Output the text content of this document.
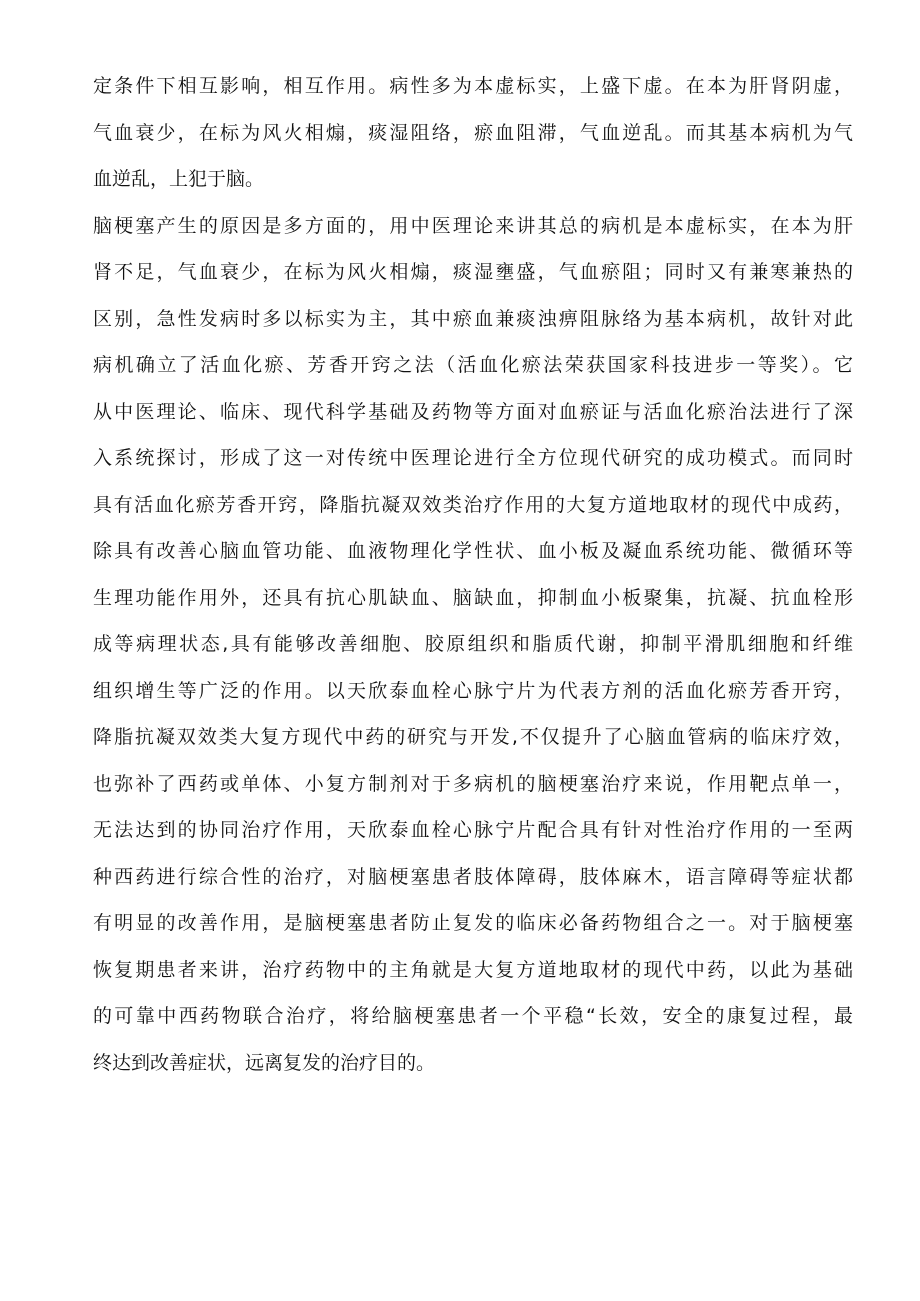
定条件下相互影响，相互作用。病性多为本虚标实，上盛下虚。在本为肝肾阴虚，
气血衰少，在标为风火相煽，痰湿阻络，瘀血阻滞，气血逆乱。而其基本病机为气
血逆乱，上犯于脑。
脑梗塞产生的原因是多方面的，用中医理论来讲其总的病机是本虚标实，在本为肝
肾不足，气血衰少，在标为风火相煽，痰湿壅盛，气血瘀阻；同时又有兼寒兼热的
区别，急性发病时多以标实为主，其中瘀血兼痰浊痹阻脉络为基本病机，故针对此
病机确立了活血化瘀、芳香开窍之法（活血化瘀法荣获国家科技进步一等奖）。它
从中医理论、临床、现代科学基础及药物等方面对血瘀证与活血化瘀治法进行了深
入系统探讨，形成了这一对传统中医理论进行全方位现代研究的成功模式。而同时
具有活血化瘀芳香开窍，降脂抗凝双效类治疗作用的大复方道地取材的现代中成药，
除具有改善心脑血管功能、血液物理化学性状、血小板及凝血系统功能、微循环等
生理功能作用外，还具有抗心肌缺血、脑缺血，抑制血小板聚集，抗凝、抗血栓形
成等病理状态,具有能够改善细胞、胶原组织和脂质代谢，抑制平滑肌细胞和纤维
组织增生等广泛的作用。以天欣泰血栓心脉宁片为代表方剂的活血化瘀芳香开窍，
降脂抗凝双效类大复方现代中药的研究与开发,不仅提升了心脑血管病的临床疗效，
也弥补了西药或单体、小复方制剂对于多病机的脑梗塞治疗来说，作用靶点单一，
无法达到的协同治疗作用，天欣泰血栓心脉宁片配合具有针对性治疗作用的一至两
种西药进行综合性的治疗，对脑梗塞患者肢体障碍，肢体麻木，语言障碍等症状都
有明显的改善作用，是脑梗塞患者防止复发的临床必备药物组合之一。对于脑梗塞
恢复期患者来讲，治疗药物中的主角就是大复方道地取材的现代中药，以此为基础
的可靠中西药物联合治疗，将给脑梗塞患者一个平稳“长效，安全的康复过程，最
终达到改善症状，远离复发的治疗目的。
